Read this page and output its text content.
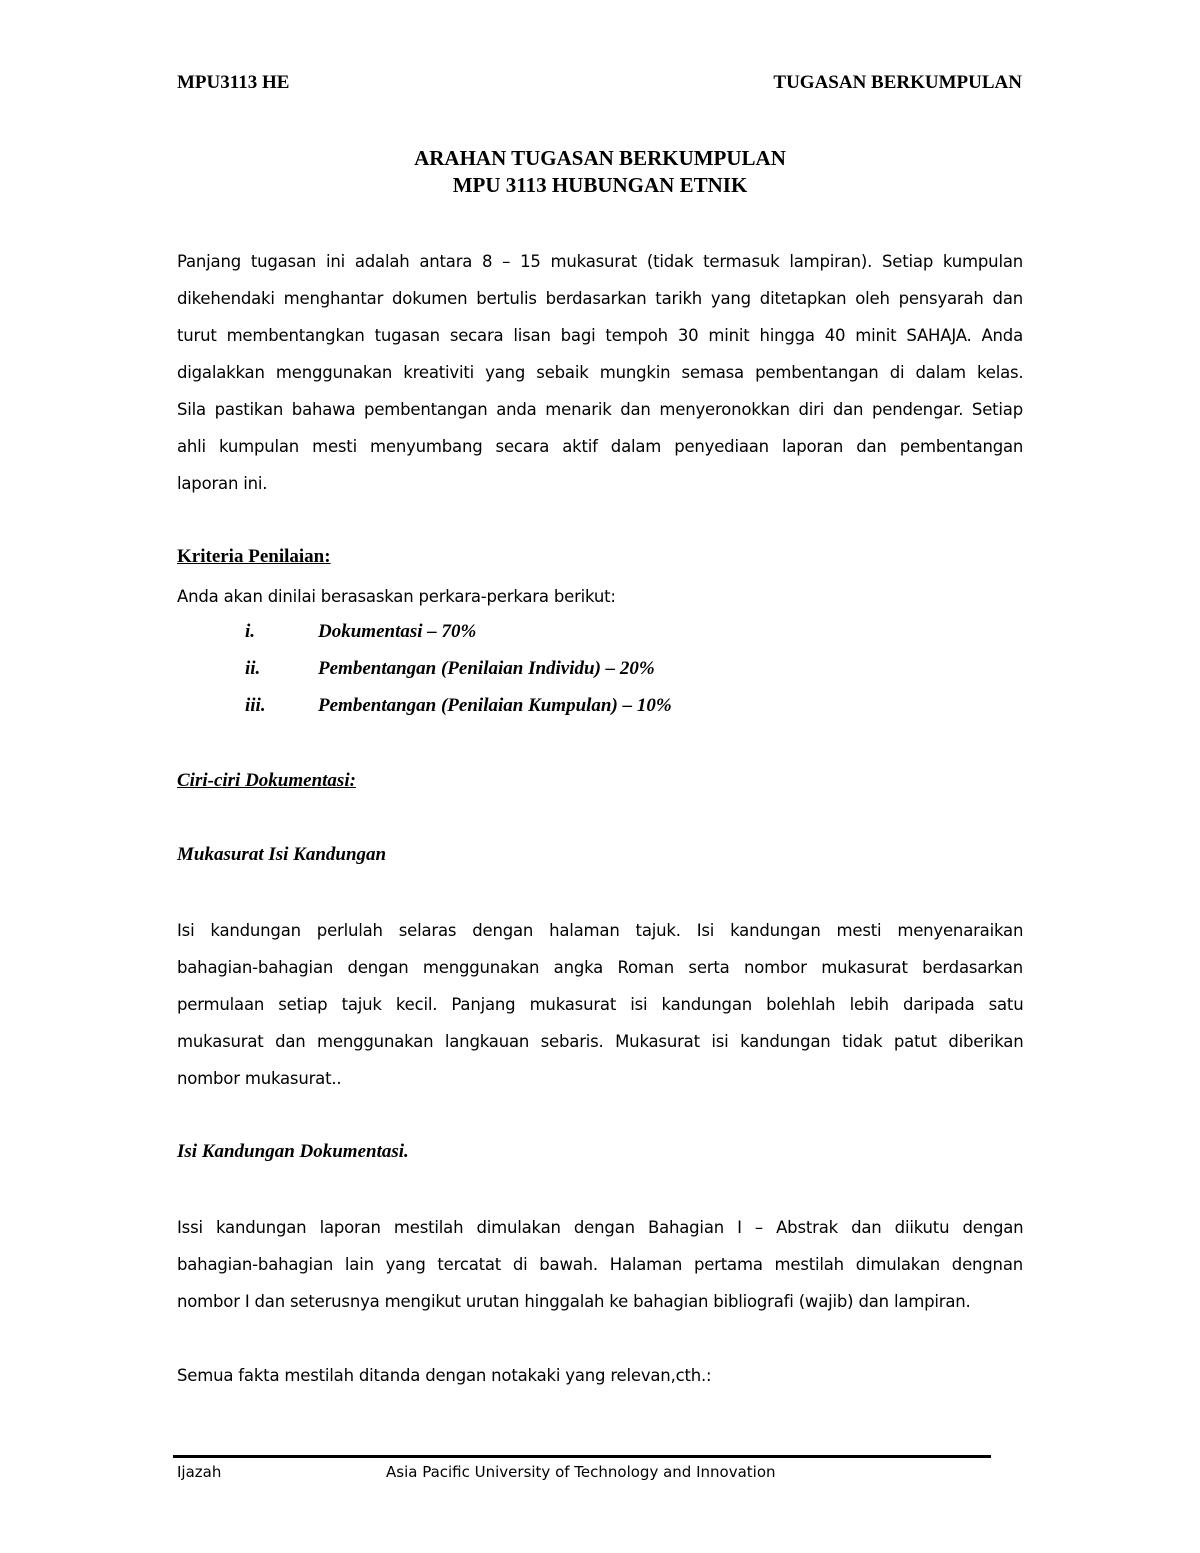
MPU3113 HE	TUGASAN BERKUMPULAN
ARAHAN TUGASAN BERKUMPULAN
MPU 3113 HUBUNGAN ETNIK
Panjang tugasan ini adalah antara 8 – 15 mukasurat (tidak termasuk lampiran). Setiap kumpulan
dikehendaki menghantar dokumen bertulis berdasarkan tarikh yang ditetapkan oleh pensyarah dan
turut membentangkan tugasan secara lisan bagi tempoh 30 minit hingga 40 minit SAHAJA. Anda
digalakkan menggunakan kreativiti yang sebaik mungkin semasa pembentangan di dalam kelas.
Sila pastikan bahawa pembentangan anda menarik dan menyeronokkan diri dan pendengar. Setiap
ahli kumpulan mesti menyumbang secara aktif dalam penyediaan laporan dan pembentangan
laporan ini.
Kriteria Penilaian:
Anda akan dinilai berasaskan perkara-perkara berikut:
i.	Dokumentasi – 70%
ii.	Pembentangan (Penilaian Individu) – 20%
iii.	Pembentangan (Penilaian Kumpulan) – 10%
Ciri-ciri Dokumentasi:
Mukasurat Isi Kandungan
Isi kandungan perlulah selaras dengan halaman tajuk. Isi kandungan mesti menyenaraikan
bahagian-bahagian dengan menggunakan angka Roman serta nombor mukasurat berdasarkan
permulaan setiap tajuk kecil. Panjang mukasurat isi kandungan bolehlah lebih daripada satu
mukasurat dan menggunakan langkauan sebaris. Mukasurat isi kandungan tidak patut diberikan
nombor mukasurat..
Isi Kandungan Dokumentasi.
Issi kandungan laporan mestilah dimulakan dengan Bahagian I – Abstrak dan diikutu dengan
bahagian-bahagian lain yang tercatat di bawah. Halaman pertama mestilah dimulakan dengnan
nombor I dan seterusnya mengikut urutan hinggalah ke bahagian bibliografi (wajib) dan lampiran.
Semua fakta mestilah ditanda dengan notakaki yang relevan,cth.:
Ijazah	Asia Pacific University of Technology and Innovation
